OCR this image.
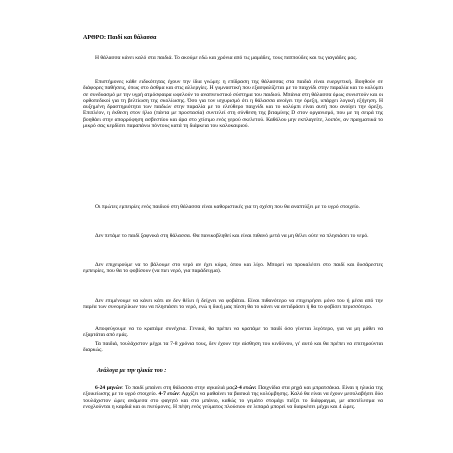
ΑΡΘΡΟ: Παιδί και θάλασσα

Η θάλασσα κάνει καλό στα παιδιά. Το ακούμε εδώ και χρόνια από τις μαμάδες, τους παππούδες και τις γιαγιάδες μας.

Επιστήμονες κάθε ειδικότητας έχουν την ίδια γνώμη: η επίδραση της θάλασσας στα παιδιά είναι ευεργετική. Βοηθούν σε διάφορες παθήσεις, όπως στο άσθμα και στις αλλεργίες. Η γυμναστική που εξασφαλίζεται με το παιχνίδι στην παραλία και το κολύμπι σε συνδυασμό με την υγρή ατμόσφαιρα ωφελούν το αναπνευστικό σύστημα του παιδιού. Μπάνια στη θάλασσα όμως συνιστούν και οι ορθοπεδικοί για τη βελτίωση της σκολίωσης. Όσο για τον ισχυρισμό ότι η θάλασσα ανοίγει την όρεξη, υπάρχει λογική εξήγηση. Η αυξημένη δραστηριότητα των παιδιών στην παραλία με το ελεύθερο παιχνίδι και το κολύμπι είναι αυτή που ανοίγει την όρεξη. Επιπλέον, η έκθεση στον ήλιο (πάντα με προστασία) συντελεί στη σύνθεση της βιταμίνης D στον οργανισμό, που με τη σειρά της βοηθάει στην απορρόφηση ασβεστίου και άρα στο χτίσιμο ενός γερού σκελετού. Καθόλου μην εκπλαγείτε, λοιπόν, αν πραγματικά το μικρό σας κερδίσει παραπάνω πόντους κατά τη διάρκεια του καλοκαιριού.

Οι πρώτες εμπειρίες ενός παιδιού στη θάλασσα είναι καθοριστικές για τη σχέση που θα αναπτύξει με το υγρό στοιχείο.

Δεν πετάμε το παιδί ξαφνικά στη θάλασσα. Θα πανικοβληθεί και είναι πιθανό μετά να μη θέλει ούτε να πλησιάσει το νερό.

Δεν επιχειρούμε να το βάλουμε στο νερό αν έχει κύμα, όπου και λίγο. Μπορεί να προκαλέσει στο παιδί και δυσάρεστες εμπειρίες, που θα το φοβίσουν (να πιει νερό, για παράδειγμα).

Δεν επιμένουμε να κάνει κάτι αν δεν θέλει ή δείχνει να φοβάται. Είναι πιθανότερο να επιχειρήσει μόνο του ή μέσα από την παρέα των συνομηλίκων του να πλησιάσει το νερό, ενώ η δική μας πίεση θα το κάνει να αντιδράσει ή θα το φοβίσει περισσότερο.

Αποφεύγουμε να το κρατάμε συνέχεια. Γενικά, θα πρέπει να κρατάμε το παιδί όσο γίνεται λιγότερο, για να μη μάθει να εξαρτάται από εμάς.

Τα παιδιά, τουλάχιστον μέχρι τα 7-8 χρόνια τους, δεν έχουν την αίσθηση του κινδύνου, γι' αυτό και θα πρέπει να επιτηρούνται διαρκώς.

Ανάλογα με την ηλικία του :

6-24 μηνών: Το παιδί μπαίνει στη θάλασσα στην αγκαλιά μας2-4 ετών: Παιχνίδια στα ρηχά και μπρατσάκια. Είναι η ηλικία της εξοικείωσης με το υγρό στοιχείο. 4-7 ετών: Αρχίζει να μαθαίνει τα βασικά της κολύμβησης. Καλό θα είναι να έχουν μεσολαβήσει δύο τουλάχιστον ώρες ανάμεσα στο φαγητό και στο μπάνιο, καθώς το γεμάτο στομάχι πιέζει το διάφραγμα, με αποτέλεσμα να ενοχλούνται η καρδιά και οι πνεύμονες. Η πέψη ενός γεύματος πλούσιου σε λιπαρά μπορεί να διαρκέσει μέχρι και 4 ώρες.
